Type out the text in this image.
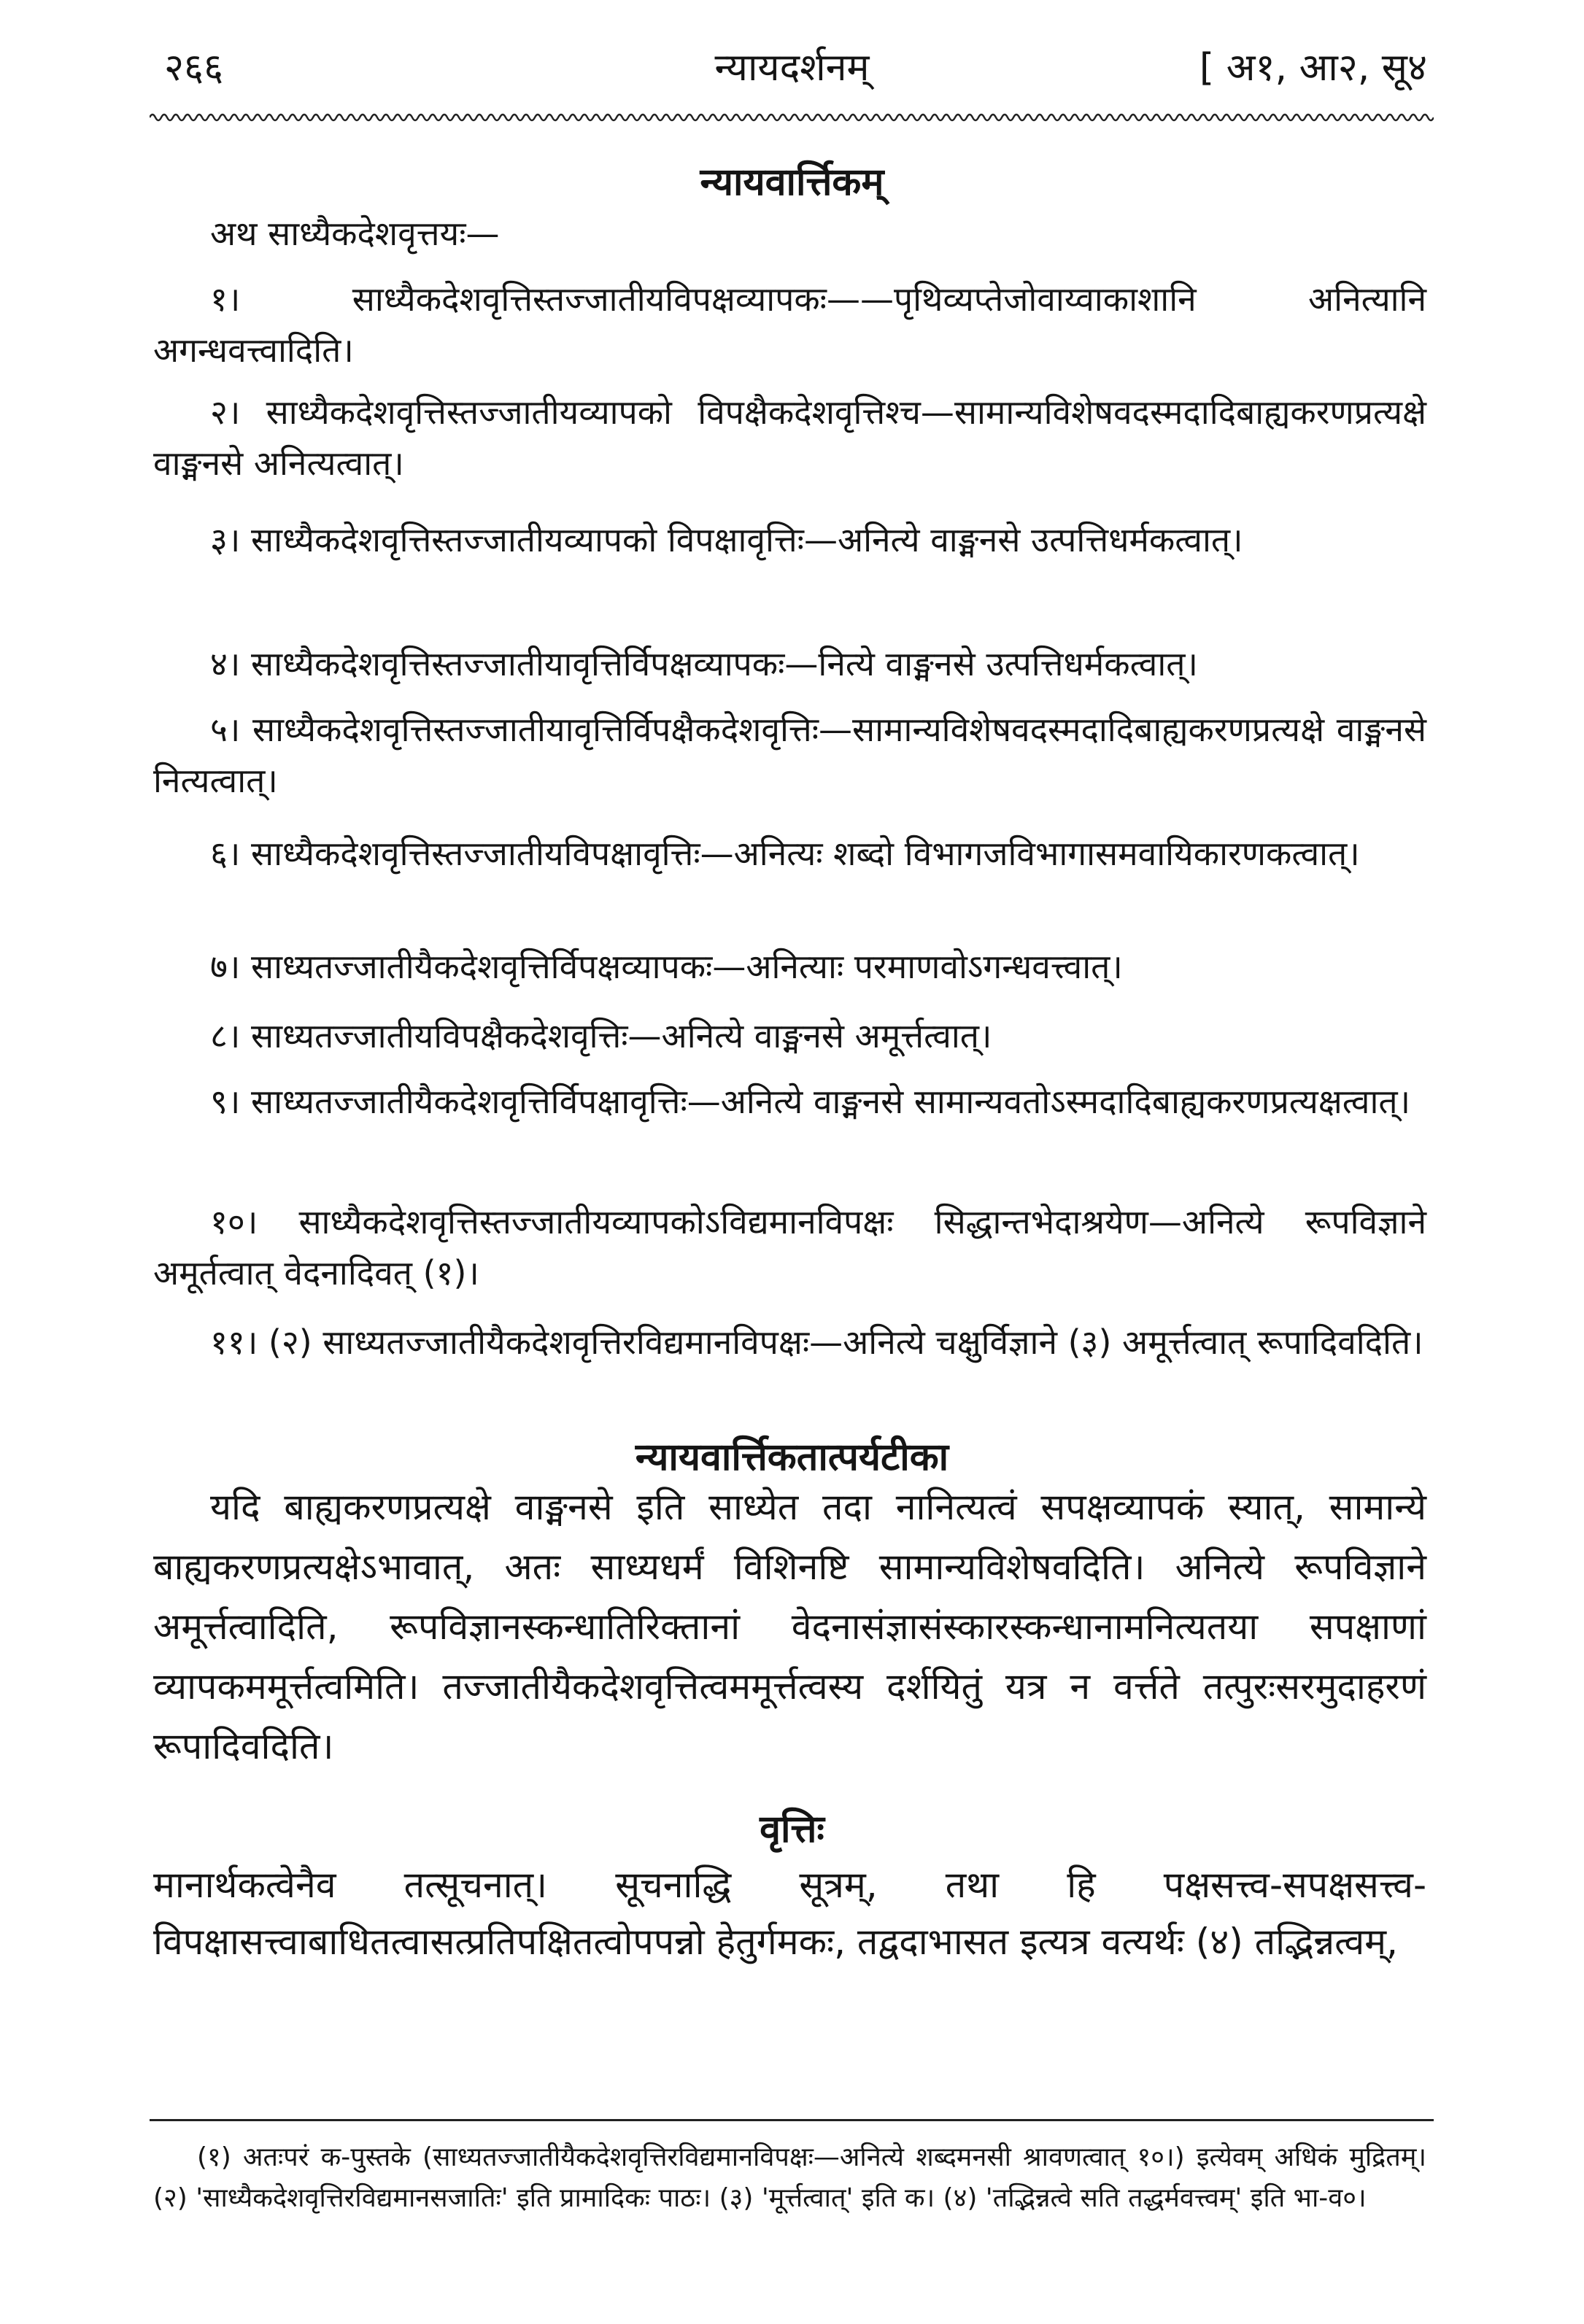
२६६	न्यायदर्शनम्	[ अ१, आ२, सू४
न्यायवार्त्तिकम्

अथ साध्यैकदेशवृत्तयः—

१। साध्यैकदेशवृत्तिस्तज्जातीयविपक्षव्यापकः——पृथिव्यप्तेजोवाय्वाकाशानि अनित्यानि अगन्धवत्त्वादिति।

२। साध्यैकदेशवृत्तिस्तज्जातीयव्यापको विपक्षैकदेशवृत्तिश्च—सामान्यविशेषवदस्मदादिबाह्यकरणप्रत्यक्षे वाङ्मनसे अनित्यत्वात्।

३। साध्यैकदेशवृत्तिस्तज्जातीयव्यापको विपक्षावृत्तिः—अनित्ये वाङ्मनसे उत्पत्तिधर्मकत्वात्।

४। साध्यैकदेशवृत्तिस्तज्जातीयावृत्तिर्विपक्षव्यापकः—नित्ये वाङ्मनसे उत्पत्तिधर्मकत्वात्।

५। साध्यैकदेशवृत्तिस्तज्जातीयावृत्तिर्विपक्षैकदेशवृत्तिः—सामान्यविशेषवदस्मदादिबाह्यकरणप्रत्यक्षे वाङ्मनसे नित्यत्वात्।

६। साध्यैकदेशवृत्तिस्तज्जातीयविपक्षावृत्तिः—अनित्यः शब्दो विभागजविभागासमवायिकारणकत्वात्।

७। साध्यतज्जातीयैकदेशवृत्तिर्विपक्षव्यापकः—अनित्याः परमाणवोऽगन्धवत्त्वात्।

८। साध्यतज्जातीयविपक्षैकदेशवृत्तिः—अनित्ये वाङ्मनसे अमूर्त्तत्वात्।

९। साध्यतज्जातीयैकदेशवृत्तिर्विपक्षावृत्तिः—अनित्ये वाङ्मनसे सामान्यवतोऽस्मदादिबाह्यकरणप्रत्यक्षत्वात्।

१०। साध्यैकदेशवृत्तिस्तज्जातीयव्यापकोऽविद्यमानविपक्षः सिद्धान्तभेदाश्रयेण—अनित्ये रूपविज्ञाने अमूर्तत्वात् वेदनादिवत् (१)।

११। (२) साध्यतज्जातीयैकदेशवृत्तिरविद्यमानविपक्षः—अनित्ये चक्षुर्विज्ञाने (३) अमूर्त्तत्वात् रूपादिवदिति।

न्यायवार्त्तिकतात्पर्यटीका

यदि बाह्यकरणप्रत्यक्षे वाङ्मनसे इति साध्येत तदा नानित्यत्वं सपक्षव्यापकं स्यात्, सामान्ये बाह्यकरणप्रत्यक्षेऽभावात्, अतः साध्यधर्मं विशिनष्टि सामान्यविशेषवदिति। अनित्ये रूपविज्ञाने अमूर्त्तत्वादिति, रूपविज्ञानस्कन्धातिरिक्तानां वेदनासंज्ञासंस्कारस्कन्धानामनित्यतया सपक्षाणां व्यापकममूर्त्तत्वमिति। तज्जातीयैकदेशवृत्तित्वममूर्त्तत्वस्य दर्शयितुं यत्र न वर्त्तते तत्पुरःसरमुदाहरणं रूपादिवदिति।

वृत्तिः

मानार्थकत्वेनैव तत्सूचनात्। सूचनाद्धि सूत्रम्, तथा हि पक्षसत्त्व-सपक्षसत्त्व-विपक्षासत्त्वाबाधितत्वासत्प्रतिपक्षितत्वोपपन्नो हेतुर्गमकः, तद्वदाभासत इत्यत्र वत्यर्थः (४) तद्भिन्नत्वम्,

(१) अतःपरं क-पुस्तके (साध्यतज्जातीयैकदेशवृत्तिरविद्यमानविपक्षः—अनित्ये शब्दमनसी श्रावणत्वात् १०।) इत्येवम् अधिकं मुद्रितम्। (२) 'साध्यैकदेशवृत्तिरविद्यमानसजातिः' इति प्रामादिकः पाठः। (३) 'मूर्त्तत्वात्' इति क। (४) 'तद्भिन्नत्वे सति तद्धर्मवत्त्वम्' इति भा-व०।
